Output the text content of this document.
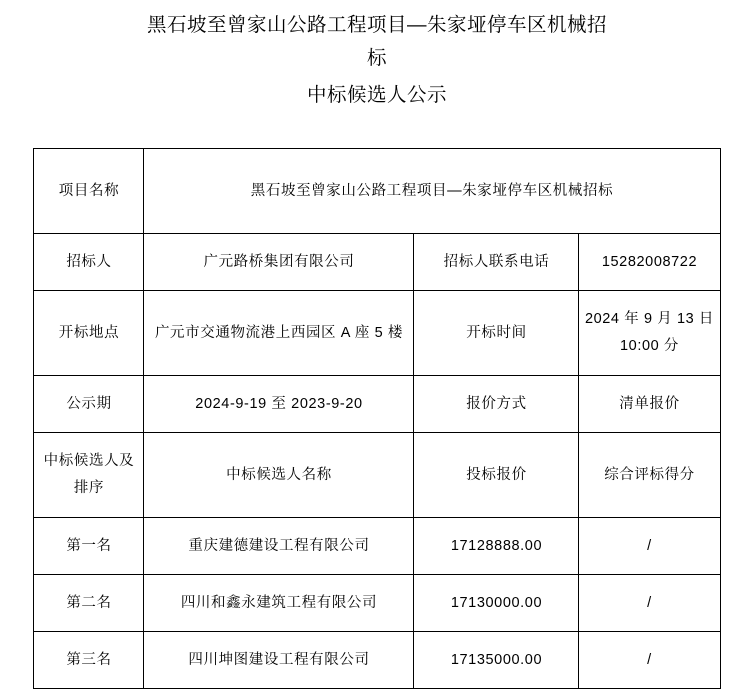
黑石坡至曾家山公路工程项目—朱家垭停车区机械招
标
中标候选人公示
项目名称	黑石坡至曾家山公路工程项目—朱家垭停车区机械招标		
招标人	广元路桥集团有限公司	招标人联系电话	15282008722
开标地点	广元市交通物流港上西园区 A 座 5 楼	开标时间	2024 年 9 月 13 日 10:00 分
公示期	2024-9-19 至 2023-9-20	报价方式	清单报价
中标候选人及排序	中标候选人名称	投标报价	综合评标得分
第一名	重庆建德建设工程有限公司	17128888.00	/
第二名	四川和鑫永建筑工程有限公司	17130000.00	/
第三名	四川坤图建设工程有限公司	17135000.00	/
